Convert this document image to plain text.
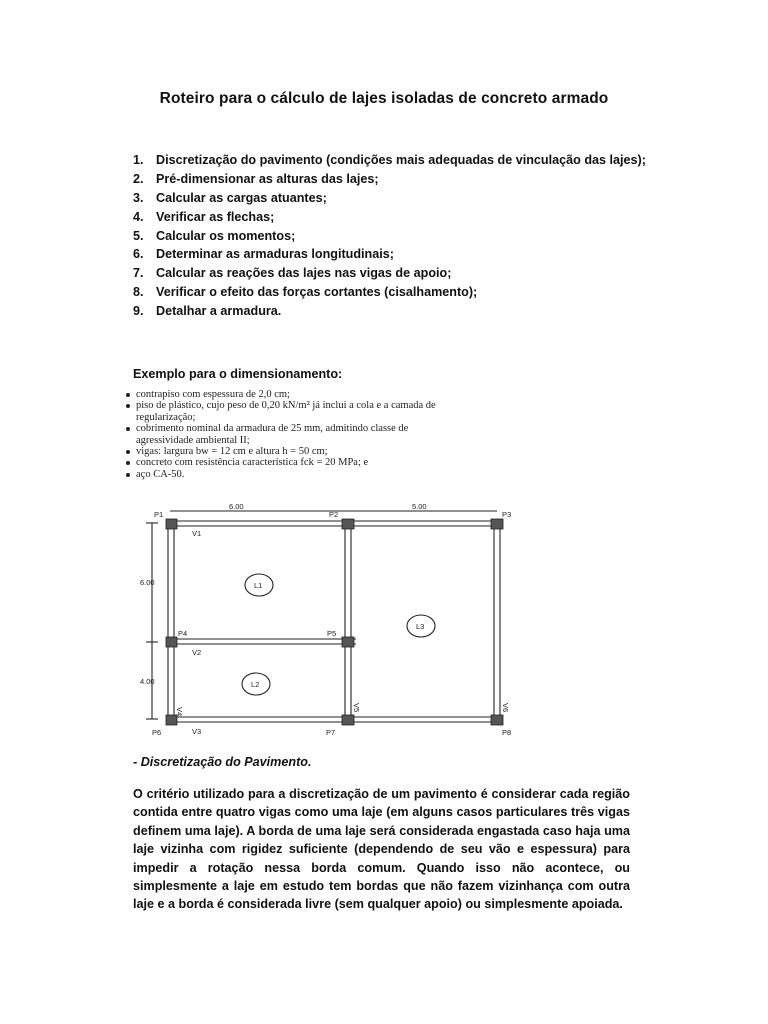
Roteiro para o cálculo de lajes isoladas de concreto armado
1. Discretização do pavimento (condições mais adequadas de vinculação das lajes);
2. Pré-dimensionar as alturas das lajes;
3. Calcular as cargas atuantes;
4. Verificar as flechas;
5. Calcular os momentos;
6. Determinar as armaduras longitudinais;
7. Calcular as reações das lajes nas vigas de apoio;
8. Verificar o efeito das forças cortantes (cisalhamento);
9. Detalhar a armadura.
Exemplo para o dimensionamento:
contrapiso com espessura de 2,0 cm;
piso de plástico, cujo peso de 0,20 kN/m² já inclui a cola e a camada de regularização;
cobrimento nominal da armadura de 25 mm, admitindo classe de agressividade ambiental II;
vigas: largura bw = 12 cm e altura h = 50 cm;
concreto com resistência característica fck = 20 MPa; e
aço CA-50.
6.00	5.00
6.00
4.00
P1	P2	P3
P4	P5
P6	P7	P8
V1
V2
V3
V4	V5	V6
L1
L2
L3
- Discretização do Pavimento.

O critério utilizado para a discretização de um pavimento é considerar cada região contida entre quatro vigas como uma laje (em alguns casos particulares três vigas definem uma laje). A borda de uma laje será considerada engastada caso haja uma laje vizinha com rigidez suficiente (dependendo de seu vão e espessura) para impedir a rotação nessa borda comum. Quando isso não acontece, ou simplesmente a laje em estudo tem bordas que não fazem vizinhança com outra laje e a borda é considerada livre (sem qualquer apoio) ou simplesmente apoiada.
